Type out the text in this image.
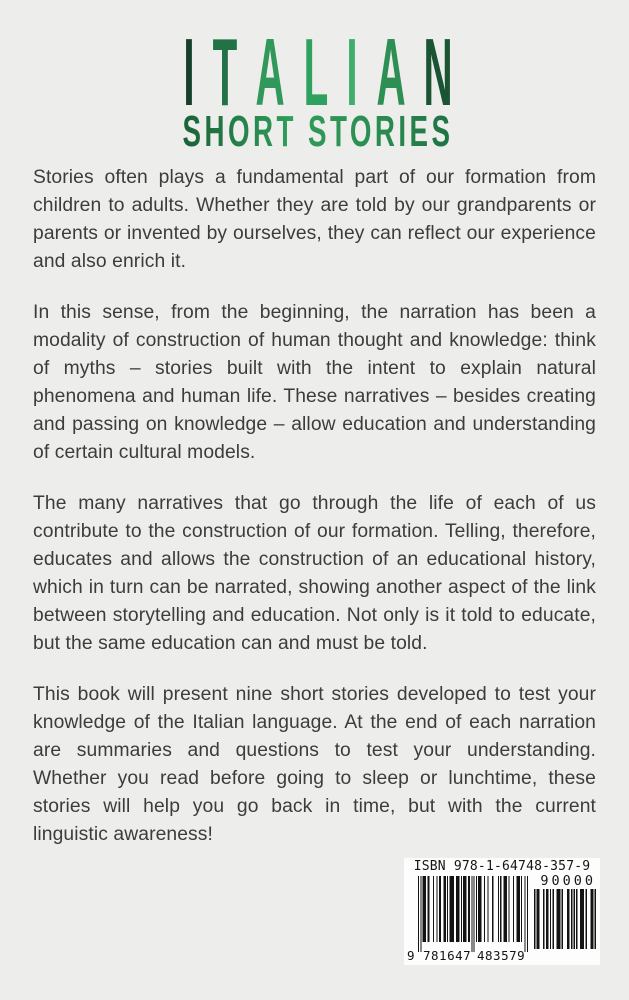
I T A L I A N
SHORT STORIES

Stories often plays a fundamental part of our formation from children to adults. Whether they are told by our grandparents or parents or invented by ourselves, they can reflect our experience and also enrich it.

In this sense, from the beginning, the narration has been a modality of construction of human thought and knowledge: think of myths – stories built with the intent to explain natural phenomena and human life. These narratives – besides creating and passing on knowledge – allow education and understanding of certain cultural models.

The many narratives that go through the life of each of us contribute to the construction of our formation. Telling, therefore, educates and allows the construction of an educational history, which in turn can be narrated, showing another aspect of the link between storytelling and education. Not only is it told to educate, but the same education can and must be told.

This book will present nine short stories developed to test your knowledge of the Italian language. At the end of each narration are summaries and questions to test your understanding. Whether you read before going to sleep or lunchtime, these stories will help you go back in time, but with the current linguistic awareness!

ISBN 978-1-64748-357-9
9 781647 483579
90000
